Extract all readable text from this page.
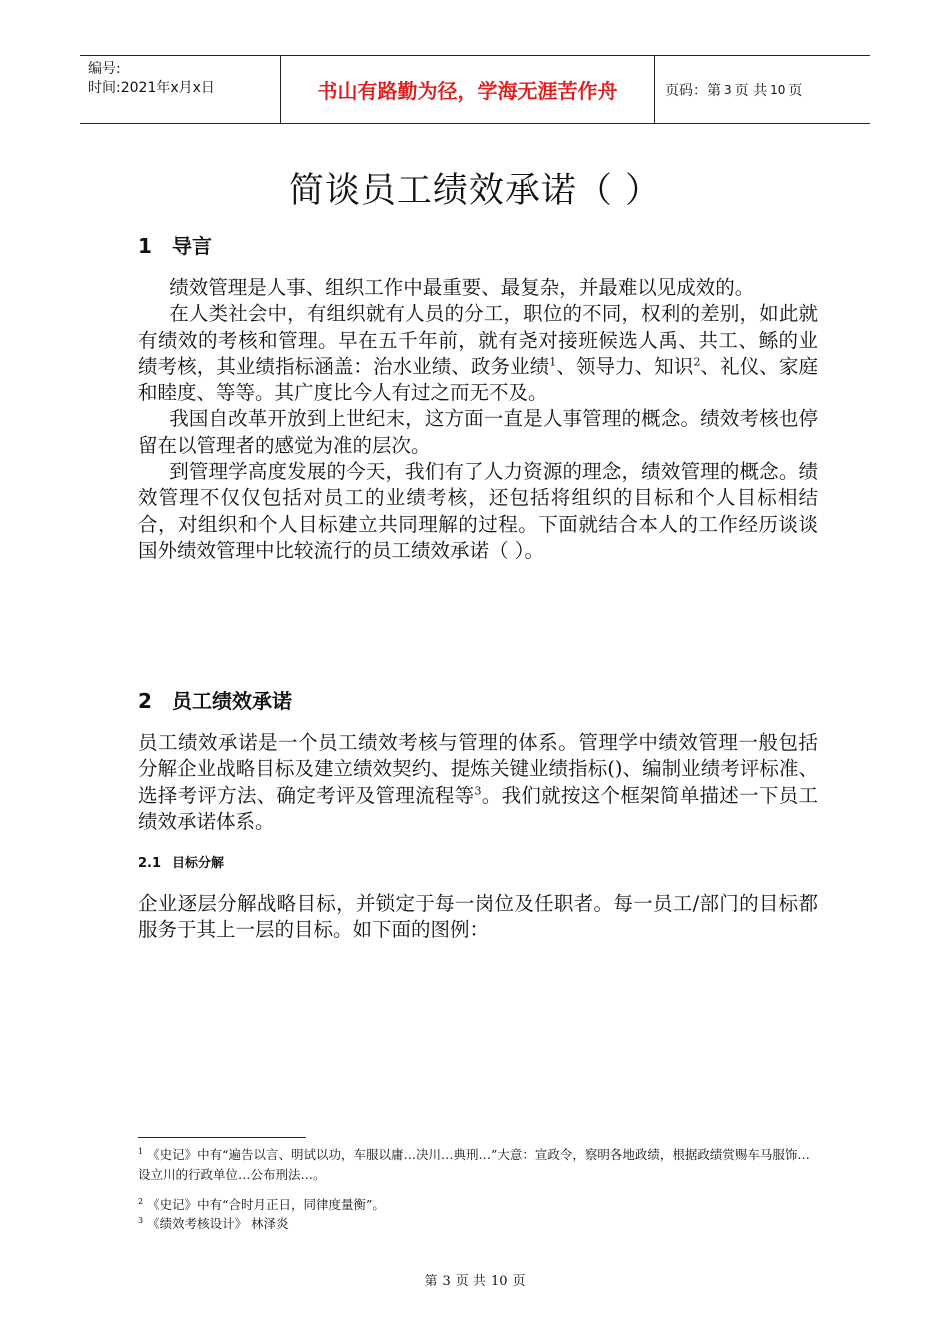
编号:
时间:2021年x月x日	书山有路勤为径，学海无涯苦作舟	页码：第 3 页 共 10 页
简谈员工绩效承诺（ ）
1 导言

绩效管理是人事、组织工作中最重要、最复杂，并最难以见成效的。

在人类社会中，有组织就有人员的分工，职位的不同，权利的差别，如此就有绩效的考核和管理。早在五千年前，就有尧对接班候选人禹、共工、鲧的业绩考核，其业绩指标涵盖：治水业绩、政务业绩$^1$、领导力、知识$^2$、礼仪、家庭和睦度、等等。其广度比今人有过之而无不及。

我国自改革开放到上世纪末，这方面一直是人事管理的概念。绩效考核也停留在以管理者的感觉为准的层次。

到管理学高度发展的今天，我们有了人力资源的理念，绩效管理的概念。绩效管理不仅仅包括对员工的业绩考核，还包括将组织的目标和个人目标相结合，对组织和个人目标建立共同理解的过程。下面就结合本人的工作经历谈谈国外绩效管理中比较流行的员工绩效承诺（ ）。

2 员工绩效承诺

员工绩效承诺是一个员工绩效考核与管理的体系。管理学中绩效管理一般包括分解企业战略目标及建立绩效契约、提炼关键业绩指标()、编制业绩考评标准、选择考评方法、确定考评及管理流程等$^3$。我们就按这个框架简单描述一下员工绩效承诺体系。

2.1 目标分解

企业逐层分解战略目标，并锁定于每一岗位及任职者。每一员工/部门的目标都服务于其上一层的目标。如下面的图例：

$^1$ 《史记》中有“遍告以言、明试以功，车服以庸…决川…典刑…”大意：宣政令，察明各地政绩，根据政绩赏赐车马服饰…设立川的行政单位…公布刑法…。
$^2$ 《史记》中有“合时月正日，同律度量衡”。
$^3$ 《绩效考核设计》 林泽炎
第 3 页 共 10 页
